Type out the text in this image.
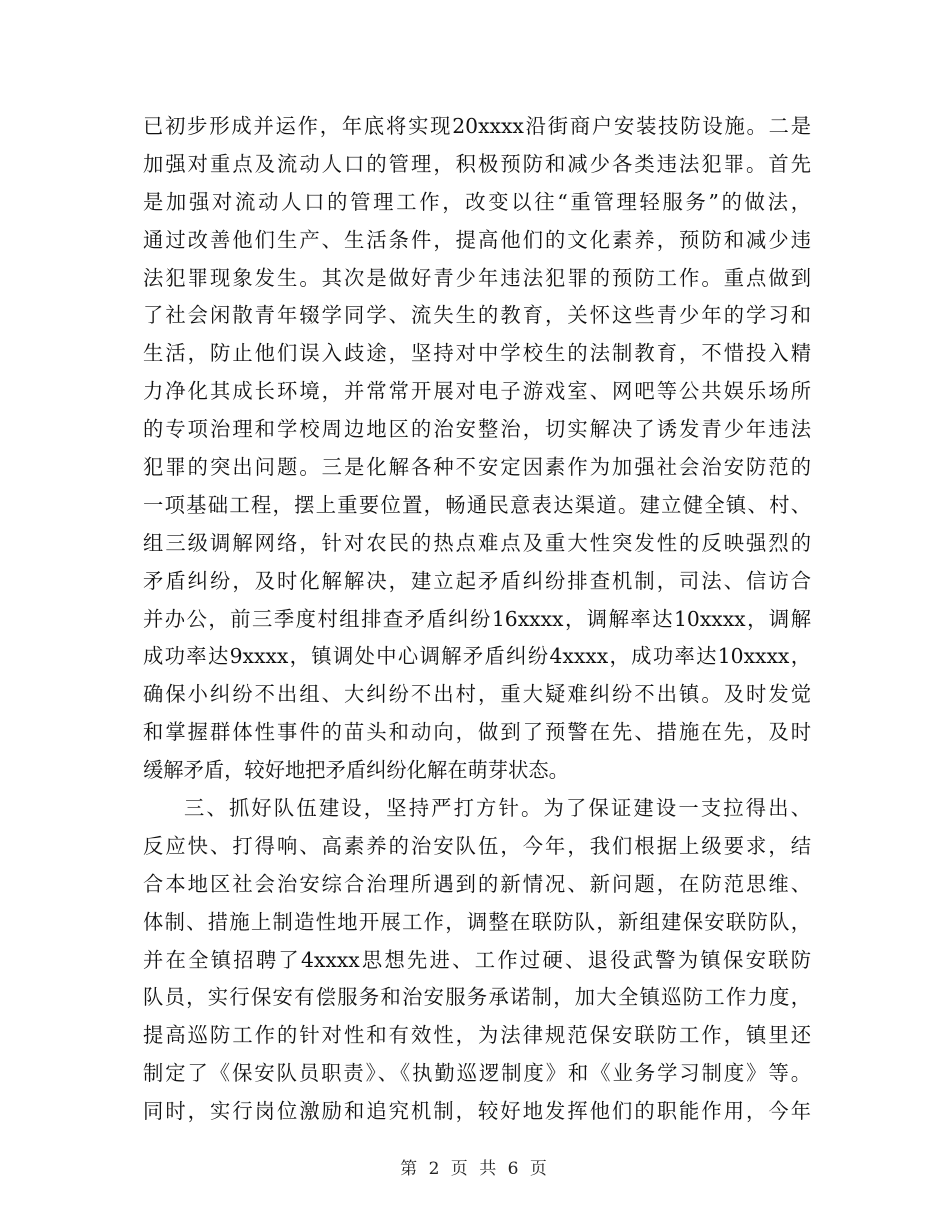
已初步形成并运作，年底将实现20xxxx沿街商户安装技防设施。二是
加强对重点及流动人口的管理，积极预防和减少各类违法犯罪。首先
是加强对流动人口的管理工作，改变以往“重管理轻服务”的做法，
通过改善他们生产、生活条件，提高他们的文化素养，预防和减少违
法犯罪现象发生。其次是做好青少年违法犯罪的预防工作。重点做到
了社会闲散青年辍学同学、流失生的教育，关怀这些青少年的学习和
生活，防止他们误入歧途，坚持对中学校生的法制教育，不惜投入精
力净化其成长环境，并常常开展对电子游戏室、网吧等公共娱乐场所
的专项治理和学校周边地区的治安整治，切实解决了诱发青少年违法
犯罪的突出问题。三是化解各种不安定因素作为加强社会治安防范的
一项基础工程，摆上重要位置，畅通民意表达渠道。建立健全镇、村、
组三级调解网络，针对农民的热点难点及重大性突发性的反映强烈的
矛盾纠纷，及时化解解决，建立起矛盾纠纷排查机制，司法、信访合
并办公，前三季度村组排查矛盾纠纷16xxxx，调解率达10xxxx，调解
成功率达9xxxx，镇调处中心调解矛盾纠纷4xxxx，成功率达10xxxx，
确保小纠纷不出组、大纠纷不出村，重大疑难纠纷不出镇。及时发觉
和掌握群体性事件的苗头和动向，做到了预警在先、措施在先，及时
缓解矛盾，较好地把矛盾纠纷化解在萌芽状态。
三、抓好队伍建设，坚持严打方针。为了保证建设一支拉得出、
反应快、打得响、高素养的治安队伍，今年，我们根据上级要求，结
合本地区社会治安综合治理所遇到的新情况、新问题，在防范思维、
体制、措施上制造性地开展工作，调整在联防队，新组建保安联防队，
并在全镇招聘了4xxxx思想先进、工作过硬、退役武警为镇保安联防
队员，实行保安有偿服务和治安服务承诺制，加大全镇巡防工作力度，
提高巡防工作的针对性和有效性，为法律规范保安联防工作，镇里还
制定了《保安队员职责》、《执勤巡逻制度》和《业务学习制度》等。
同时，实行岗位激励和追究机制，较好地发挥他们的职能作用，今年
第 2 页 共 6 页
